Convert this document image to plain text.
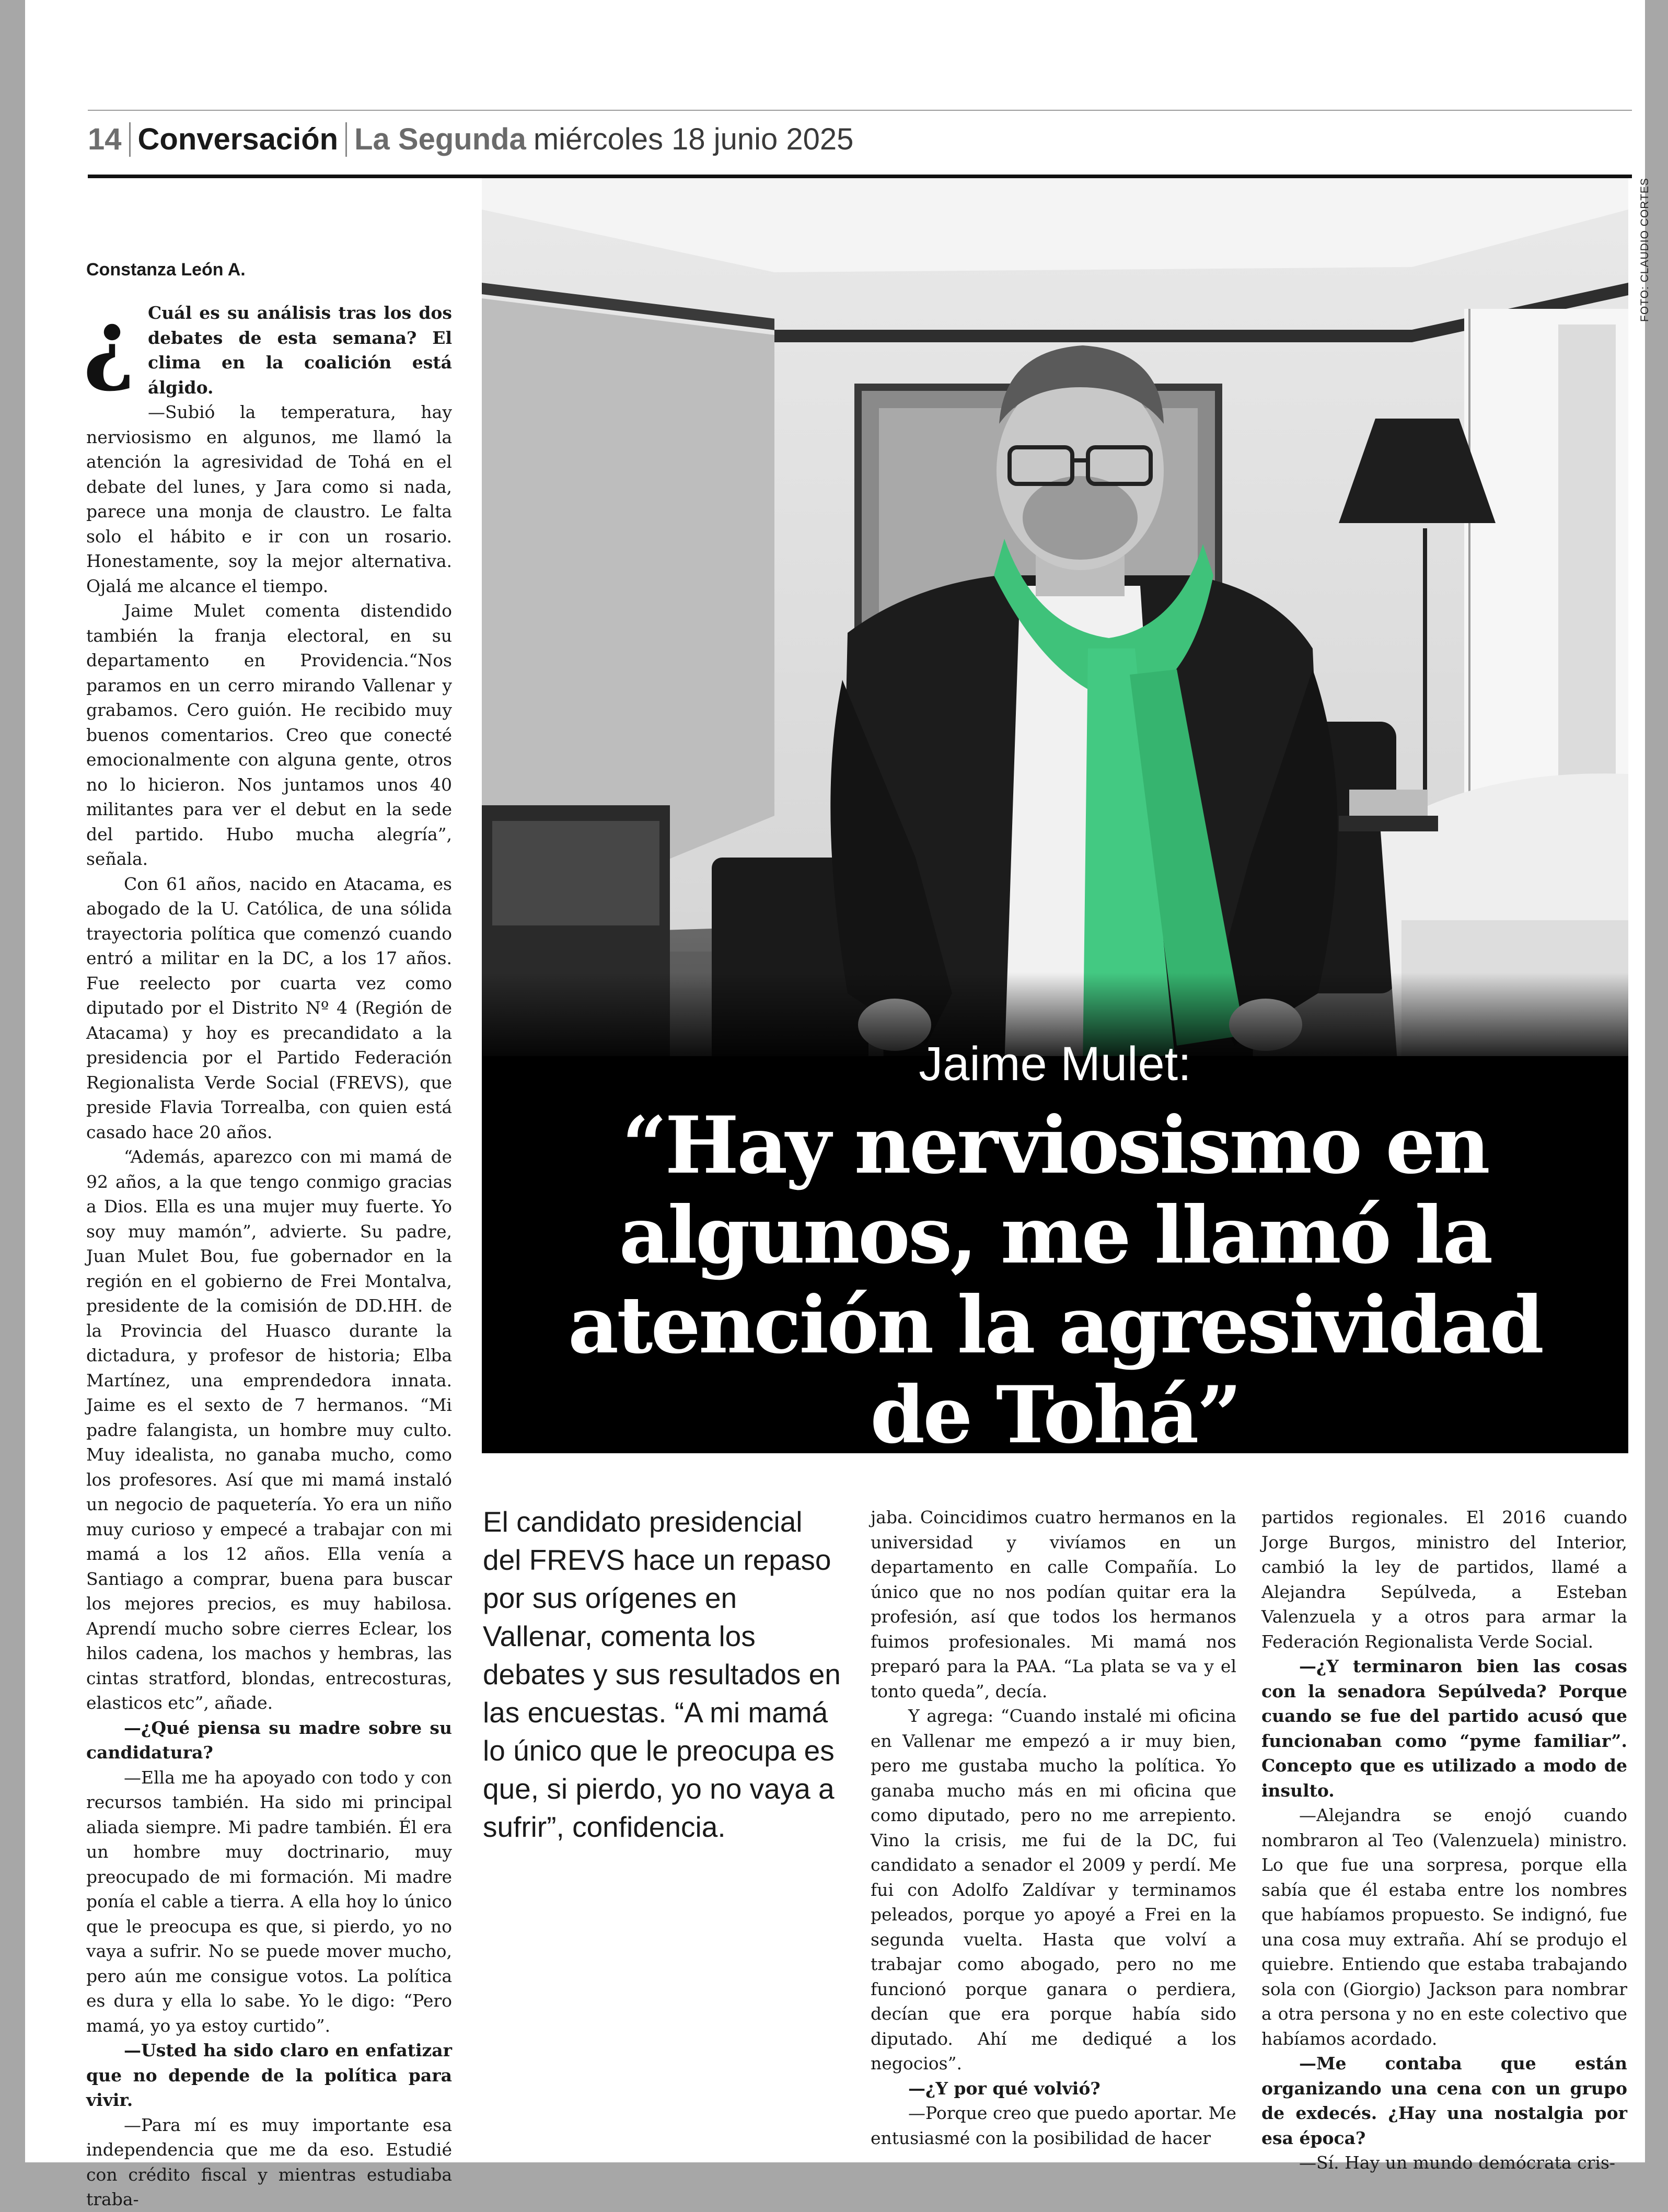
14 Conversación La Segunda miércoles 18 junio 2025
FOTO: CLAUDIO CORTES
Jaime Mulet:
“Hay nerviosismo en
algunos, me llamó la
atención la agresividad
de Tohá”
Constanza León A.
¿ Cuál es su análisis tras los dos debates de esta semana? El clima en la coalición está álgido.

—Subió la temperatura, hay nerviosismo en algunos, me llamó la atención la agresividad de Tohá en el debate del lunes, y Jara como si nada, parece una monja de claustro. Le falta solo el hábito e ir con un rosario. Honestamente, soy la mejor alternativa. Ojalá me alcance el tiempo.

Jaime Mulet comenta distendido también la franja electoral, en su departamento en Providencia.“Nos paramos en un cerro mirando Vallenar y grabamos. Cero guión. He recibido muy buenos comentarios. Creo que conecté emocionalmente con alguna gente, otros no lo hicieron. Nos juntamos unos 40 militantes para ver el debut en la sede del partido. Hubo mucha alegría”, señala.

Con 61 años, nacido en Atacama, es abogado de la U. Católica, de una sólida trayectoria política que comenzó cuando entró a militar en la DC, a los 17 años. Fue reelecto por cuarta vez como diputado por el Distrito Nº 4 (Región de Atacama) y hoy es precandidato a la presidencia por el Partido Federación Regionalista Verde Social (FREVS), que preside Flavia Torrealba, con quien está casado hace 20 años.

“Además, aparezco con mi mamá de 92 años, a la que tengo conmigo gracias a Dios. Ella es una mujer muy fuerte. Yo soy muy mamón”, advierte. Su padre, Juan Mulet Bou, fue gobernador en la región en el gobierno de Frei Montalva, presidente de la comisión de DD.HH. de la Provincia del Huasco durante la dictadura, y profesor de historia; Elba Martínez, una emprendedora innata. Jaime es el sexto de 7 hermanos. “Mi padre falangista, un hombre muy culto. Muy idealista, no ganaba mucho, como los profesores. Así que mi mamá instaló un negocio de paquetería. Yo era un niño muy curioso y empecé a trabajar con mi mamá a los 12 años. Ella venía a Santiago a comprar, buena para buscar los mejores precios, es muy habilosa. Aprendí mucho sobre cierres Eclear, los hilos cadena, los machos y hembras, las cintas stratford, blondas, entrecosturas, elasticos etc”, añade.

—¿Qué piensa su madre sobre su candidatura?

—Ella me ha apoyado con todo y con recursos también. Ha sido mi principal aliada siempre. Mi padre también. Él era un hombre muy doctrinario, muy preocupado de mi formación. Mi madre ponía el cable a tierra. A ella hoy lo único que le preocupa es que, si pierdo, yo no vaya a sufrir. No se puede mover mucho, pero aún me consigue votos. La política es dura y ella lo sabe. Yo le digo: “Pero mamá, yo ya estoy curtido”.

—Usted ha sido claro en enfatizar que no depende de la política para vivir.

—Para mí es muy importante esa independencia que me da eso. Estudié con crédito fiscal y mientras estudiaba traba-

El candidato presidencial del FREVS hace un repaso por sus orígenes en Vallenar, comenta los debates y sus resultados en las encuestas. “A mi mamá lo único que le preocupa es que, si pierdo, yo no vaya a sufrir”, confidencia.

jaba. Coincidimos cuatro hermanos en la universidad y vivíamos en un departamento en calle Compañía. Lo único que no nos podían quitar era la profesión, así que todos los hermanos fuimos profesionales. Mi mamá nos preparó para la PAA. “La plata se va y el tonto queda”, decía.

Y agrega: “Cuando instalé mi oficina en Vallenar me empezó a ir muy bien, pero me gustaba mucho la política. Yo ganaba mucho más en mi oficina que como diputado, pero no me arrepiento. Vino la crisis, me fui de la DC, fui candidato a senador el 2009 y perdí. Me fui con Adolfo Zaldívar y terminamos peleados, porque yo apoyé a Frei en la segunda vuelta. Hasta que volví a trabajar como abogado, pero no me funcionó porque ganara o perdiera, decían que era porque había sido diputado. Ahí me dediqué a los negocios”.

—¿Y por qué volvió?

—Porque creo que puedo aportar. Me entusiasmé con la posibilidad de hacer

partidos regionales. El 2016 cuando Jorge Burgos, ministro del Interior, cambió la ley de partidos, llamé a Alejandra Sepúlveda, a Esteban Valenzuela y a otros para armar la Federación Regionalista Verde Social.

—¿Y terminaron bien las cosas con la senadora Sepúlveda? Porque cuando se fue del partido acusó que funcionaban como “pyme familiar”. Concepto que es utilizado a modo de insulto.

—Alejandra se enojó cuando nombraron al Teo (Valenzuela) ministro. Lo que fue una sorpresa, porque ella sabía que él estaba entre los nombres que habíamos propuesto. Se indignó, fue una cosa muy extraña. Ahí se produjo el quiebre. Entiendo que estaba trabajando sola con (Giorgio) Jackson para nombrar a otra persona y no en este colectivo que habíamos acordado.

—Me contaba que están organizando una cena con un grupo de exdecés. ¿Hay una nostalgia por esa época?

—Sí. Hay un mundo demócrata cris-
